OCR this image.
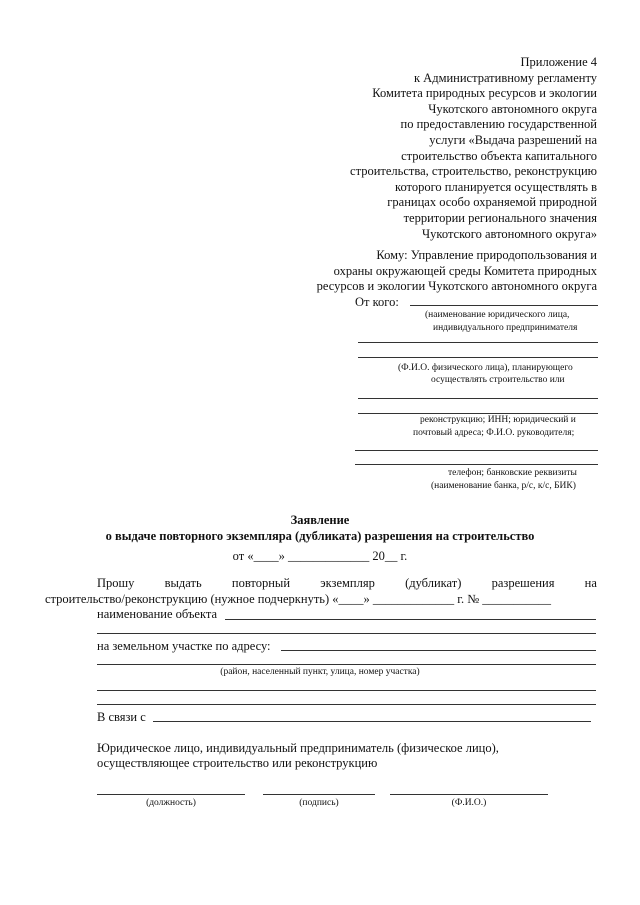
Приложение 4
к Административному регламенту
Комитета природных ресурсов и экологии
Чукотского автономного округа
по предоставлению государственной
услуги «Выдача разрешений на
строительство объекта капитального
строительства, строительство, реконструкцию
которого планируется осуществлять в
границах особо охраняемой природной
территории регионального значения
Чукотского автономного округа»
Кому: Управление природопользования и
охраны окружающей среды Комитета природных
ресурсов и экологии Чукотского автономного округа
От кого:
(наименование юридического лица,
индивидуального предпринимателя
(Ф.И.О. физического лица), планирующего
осуществлять строительство или
реконструкцию; ИНН; юридический и
почтовый адреса; Ф.И.О. руководителя;
телефон; банковские реквизиты
(наименование банка, р/с, к/с, БИК)
Заявление
о выдаче повторного экземпляра (дубликата) разрешения на строительство
от «____» _____________ 20__ г.
Прошу выдать повторный экземпляр (дубликат) разрешения на
строительство/реконструкцию (нужное подчеркнуть) «____» _____________ г. № ___________
наименование объекта
на земельном участке по адресу:
(район, населенный пункт, улица, номер участка)
В связи с
Юридическое лицо, индивидуальный предприниматель (физическое лицо),
осуществляющее строительство или реконструкцию
(должность)	(подпись)	(Ф.И.О.)
